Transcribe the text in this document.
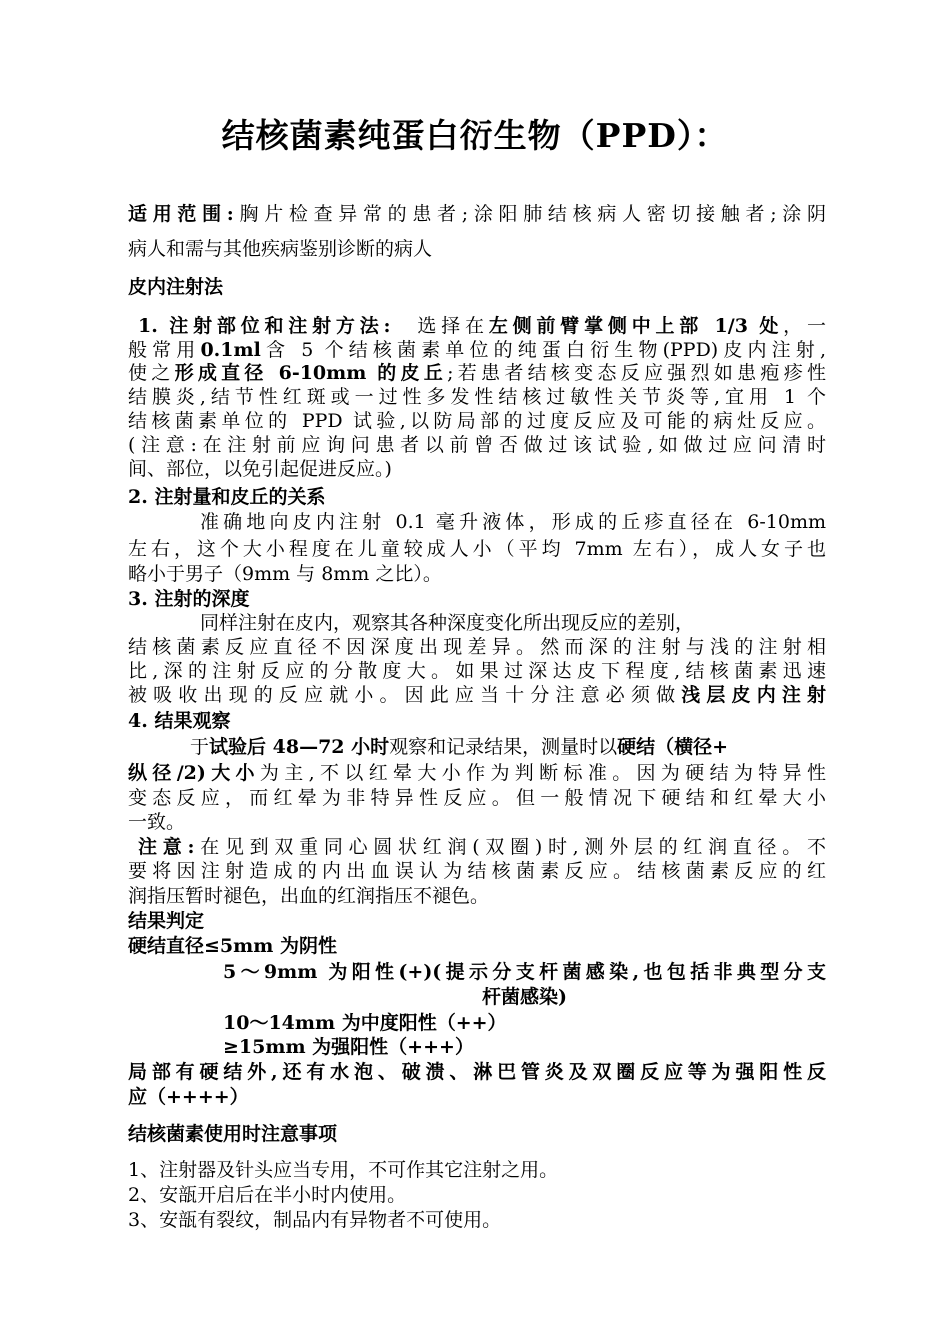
结核菌素纯蛋白衍生物（PPD）：
适用范围:胸片检查异常的患者;涂阳肺结核病人密切接触者;涂阴
病人和需与其他疾病鉴别诊断的病人
皮内注射法
1. 注射部位和注射方法: 选择在左侧前臂掌侧中上部 1/3 处，一
般常用0.1ml含 5 个结核菌素单位的纯蛋白衍生物(PPD)皮内注射,
使之形成直径 6-10mm 的皮丘;若患者结核变态反应强烈如患疱疹性
结膜炎,结节性红斑或一过性多发性结核过敏性关节炎等,宜用 1 个
结核菌素单位的 PPD 试验,以防局部的过度反应及可能的病灶反应。
(注意:在注射前应询问患者以前曾否做过该试验,如做过应问清时
间、部位，以免引起促进反应。)
2. 注射量和皮丘的关系
准确地向皮内注射 0.1 毫升液体，形成的丘疹直径在 6-10mm
左右，这个大小程度在儿童较成人小（平均 7mm 左右），成人女子也
略小于男子（9mm 与 8mm 之比）。
3. 注射的深度
同样注射在皮内，观察其各种深度变化所出现反应的差别，
结核菌素反应直径不因深度出现差异。然而深的注射与浅的注射相
比,深的注射反应的分散度大。如果过深达皮下程度,结核菌素迅速
被吸收出现的反应就小。因此应当十分注意必须做浅层皮内注射
4. 结果观察
于试验后 48—72 小时观察和记录结果，测量时以硬结（横径+
纵径/2)大小为主,不以红晕大小作为判断标准。因为硬结为特异性
变态反应，而红晕为非特异性反应。但一般情况下硬结和红晕大小
一致。
注意:在见到双重同心圆状红润(双圈)时,测外层的红润直径。不
要将因注射造成的内出血误认为结核菌素反应。结核菌素反应的红
润指压暂时褪色，出血的红润指压不褪色。
结果判定
硬结直径≤5mm 为阴性
5～9mm 为阳性(+)(提示分支杆菌感染,也包括非典型分支
杆菌感染)
10～14mm 为中度阳性（++）
≥15mm 为强阳性（+++）
局部有硬结外,还有水泡、破溃、淋巴管炎及双圈反应等为强阳性反
应（++++）
结核菌素使用时注意事项
1、注射器及针头应当专用，不可作其它注射之用。
2、安瓿开启后在半小时内使用。
3、安瓿有裂纹，制品内有异物者不可使用。
